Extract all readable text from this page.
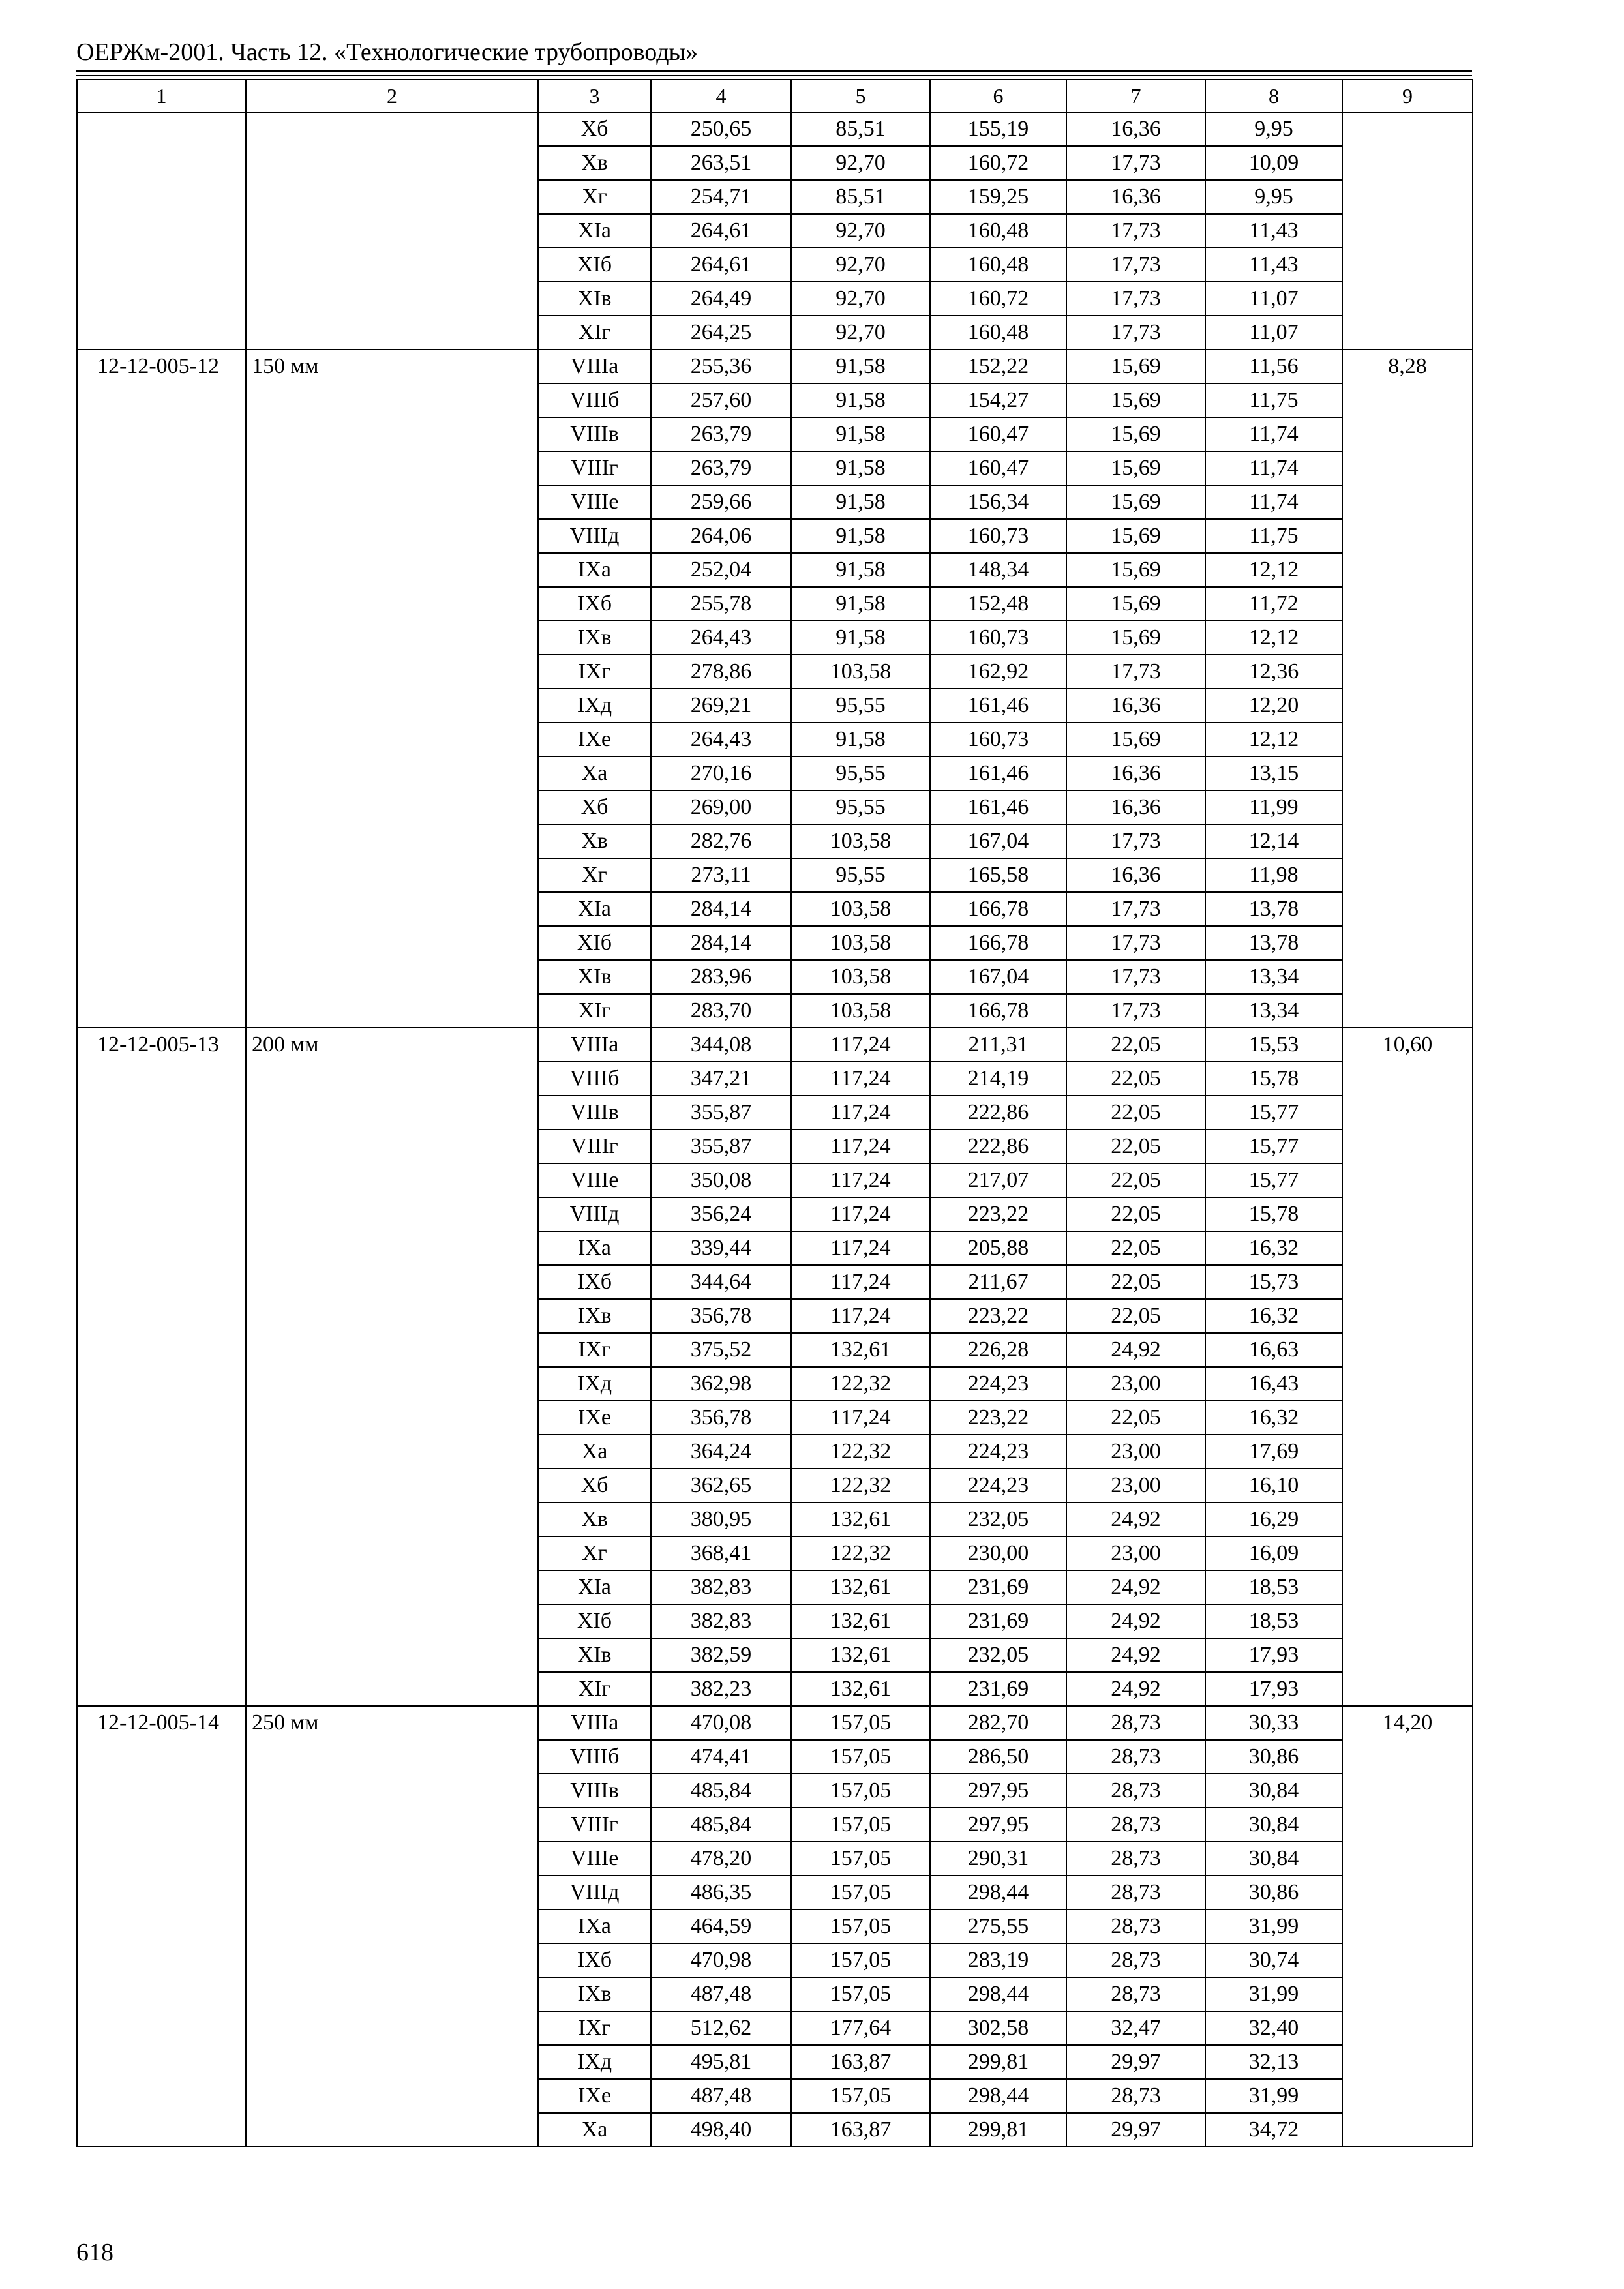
ОЕРЖм-2001. Часть 12. «Технологические трубопроводы»
1	2	3	4	5	6	7	8	9
		Xб	250,65	85,51	155,19	16,36	9,95	
		Xв	263,51	92,70	160,72	17,73	10,09	
		Xг	254,71	85,51	159,25	16,36	9,95	
		XIа	264,61	92,70	160,48	17,73	11,43	
		XIб	264,61	92,70	160,48	17,73	11,43	
		XIв	264,49	92,70	160,72	17,73	11,07	
		XIг	264,25	92,70	160,48	17,73	11,07	
12-12-005-12	150 мм	VIIIа	255,36	91,58	152,22	15,69	11,56	8,28
		VIIIб	257,60	91,58	154,27	15,69	11,75	
		VIIIв	263,79	91,58	160,47	15,69	11,74	
		VIIIг	263,79	91,58	160,47	15,69	11,74	
		VIIIе	259,66	91,58	156,34	15,69	11,74	
		VIIIд	264,06	91,58	160,73	15,69	11,75	
		IXа	252,04	91,58	148,34	15,69	12,12	
		IXб	255,78	91,58	152,48	15,69	11,72	
		IXв	264,43	91,58	160,73	15,69	12,12	
		IXг	278,86	103,58	162,92	17,73	12,36	
		IXд	269,21	95,55	161,46	16,36	12,20	
		IXе	264,43	91,58	160,73	15,69	12,12	
		Xа	270,16	95,55	161,46	16,36	13,15	
		Xб	269,00	95,55	161,46	16,36	11,99	
		Xв	282,76	103,58	167,04	17,73	12,14	
		Xг	273,11	95,55	165,58	16,36	11,98	
		XIа	284,14	103,58	166,78	17,73	13,78	
		XIб	284,14	103,58	166,78	17,73	13,78	
		XIв	283,96	103,58	167,04	17,73	13,34	
		XIг	283,70	103,58	166,78	17,73	13,34	
12-12-005-13	200 мм	VIIIа	344,08	117,24	211,31	22,05	15,53	10,60
		VIIIб	347,21	117,24	214,19	22,05	15,78	
		VIIIв	355,87	117,24	222,86	22,05	15,77	
		VIIIг	355,87	117,24	222,86	22,05	15,77	
		VIIIе	350,08	117,24	217,07	22,05	15,77	
		VIIIд	356,24	117,24	223,22	22,05	15,78	
		IXа	339,44	117,24	205,88	22,05	16,32	
		IXб	344,64	117,24	211,67	22,05	15,73	
		IXв	356,78	117,24	223,22	22,05	16,32	
		IXг	375,52	132,61	226,28	24,92	16,63	
		IXд	362,98	122,32	224,23	23,00	16,43	
		IXе	356,78	117,24	223,22	22,05	16,32	
		Xа	364,24	122,32	224,23	23,00	17,69	
		Xб	362,65	122,32	224,23	23,00	16,10	
		Xв	380,95	132,61	232,05	24,92	16,29	
		Xг	368,41	122,32	230,00	23,00	16,09	
		XIа	382,83	132,61	231,69	24,92	18,53	
		XIб	382,83	132,61	231,69	24,92	18,53	
		XIв	382,59	132,61	232,05	24,92	17,93	
		XIг	382,23	132,61	231,69	24,92	17,93	
12-12-005-14	250 мм	VIIIа	470,08	157,05	282,70	28,73	30,33	14,20
		VIIIб	474,41	157,05	286,50	28,73	30,86	
		VIIIв	485,84	157,05	297,95	28,73	30,84	
		VIIIг	485,84	157,05	297,95	28,73	30,84	
		VIIIе	478,20	157,05	290,31	28,73	30,84	
		VIIIд	486,35	157,05	298,44	28,73	30,86	
		IXа	464,59	157,05	275,55	28,73	31,99	
		IXб	470,98	157,05	283,19	28,73	30,74	
		IXв	487,48	157,05	298,44	28,73	31,99	
		IXг	512,62	177,64	302,58	32,47	32,40	
		IXд	495,81	163,87	299,81	29,97	32,13	
		IXе	487,48	157,05	298,44	28,73	31,99	
		Xа	498,40	163,87	299,81	29,97	34,72	
618
